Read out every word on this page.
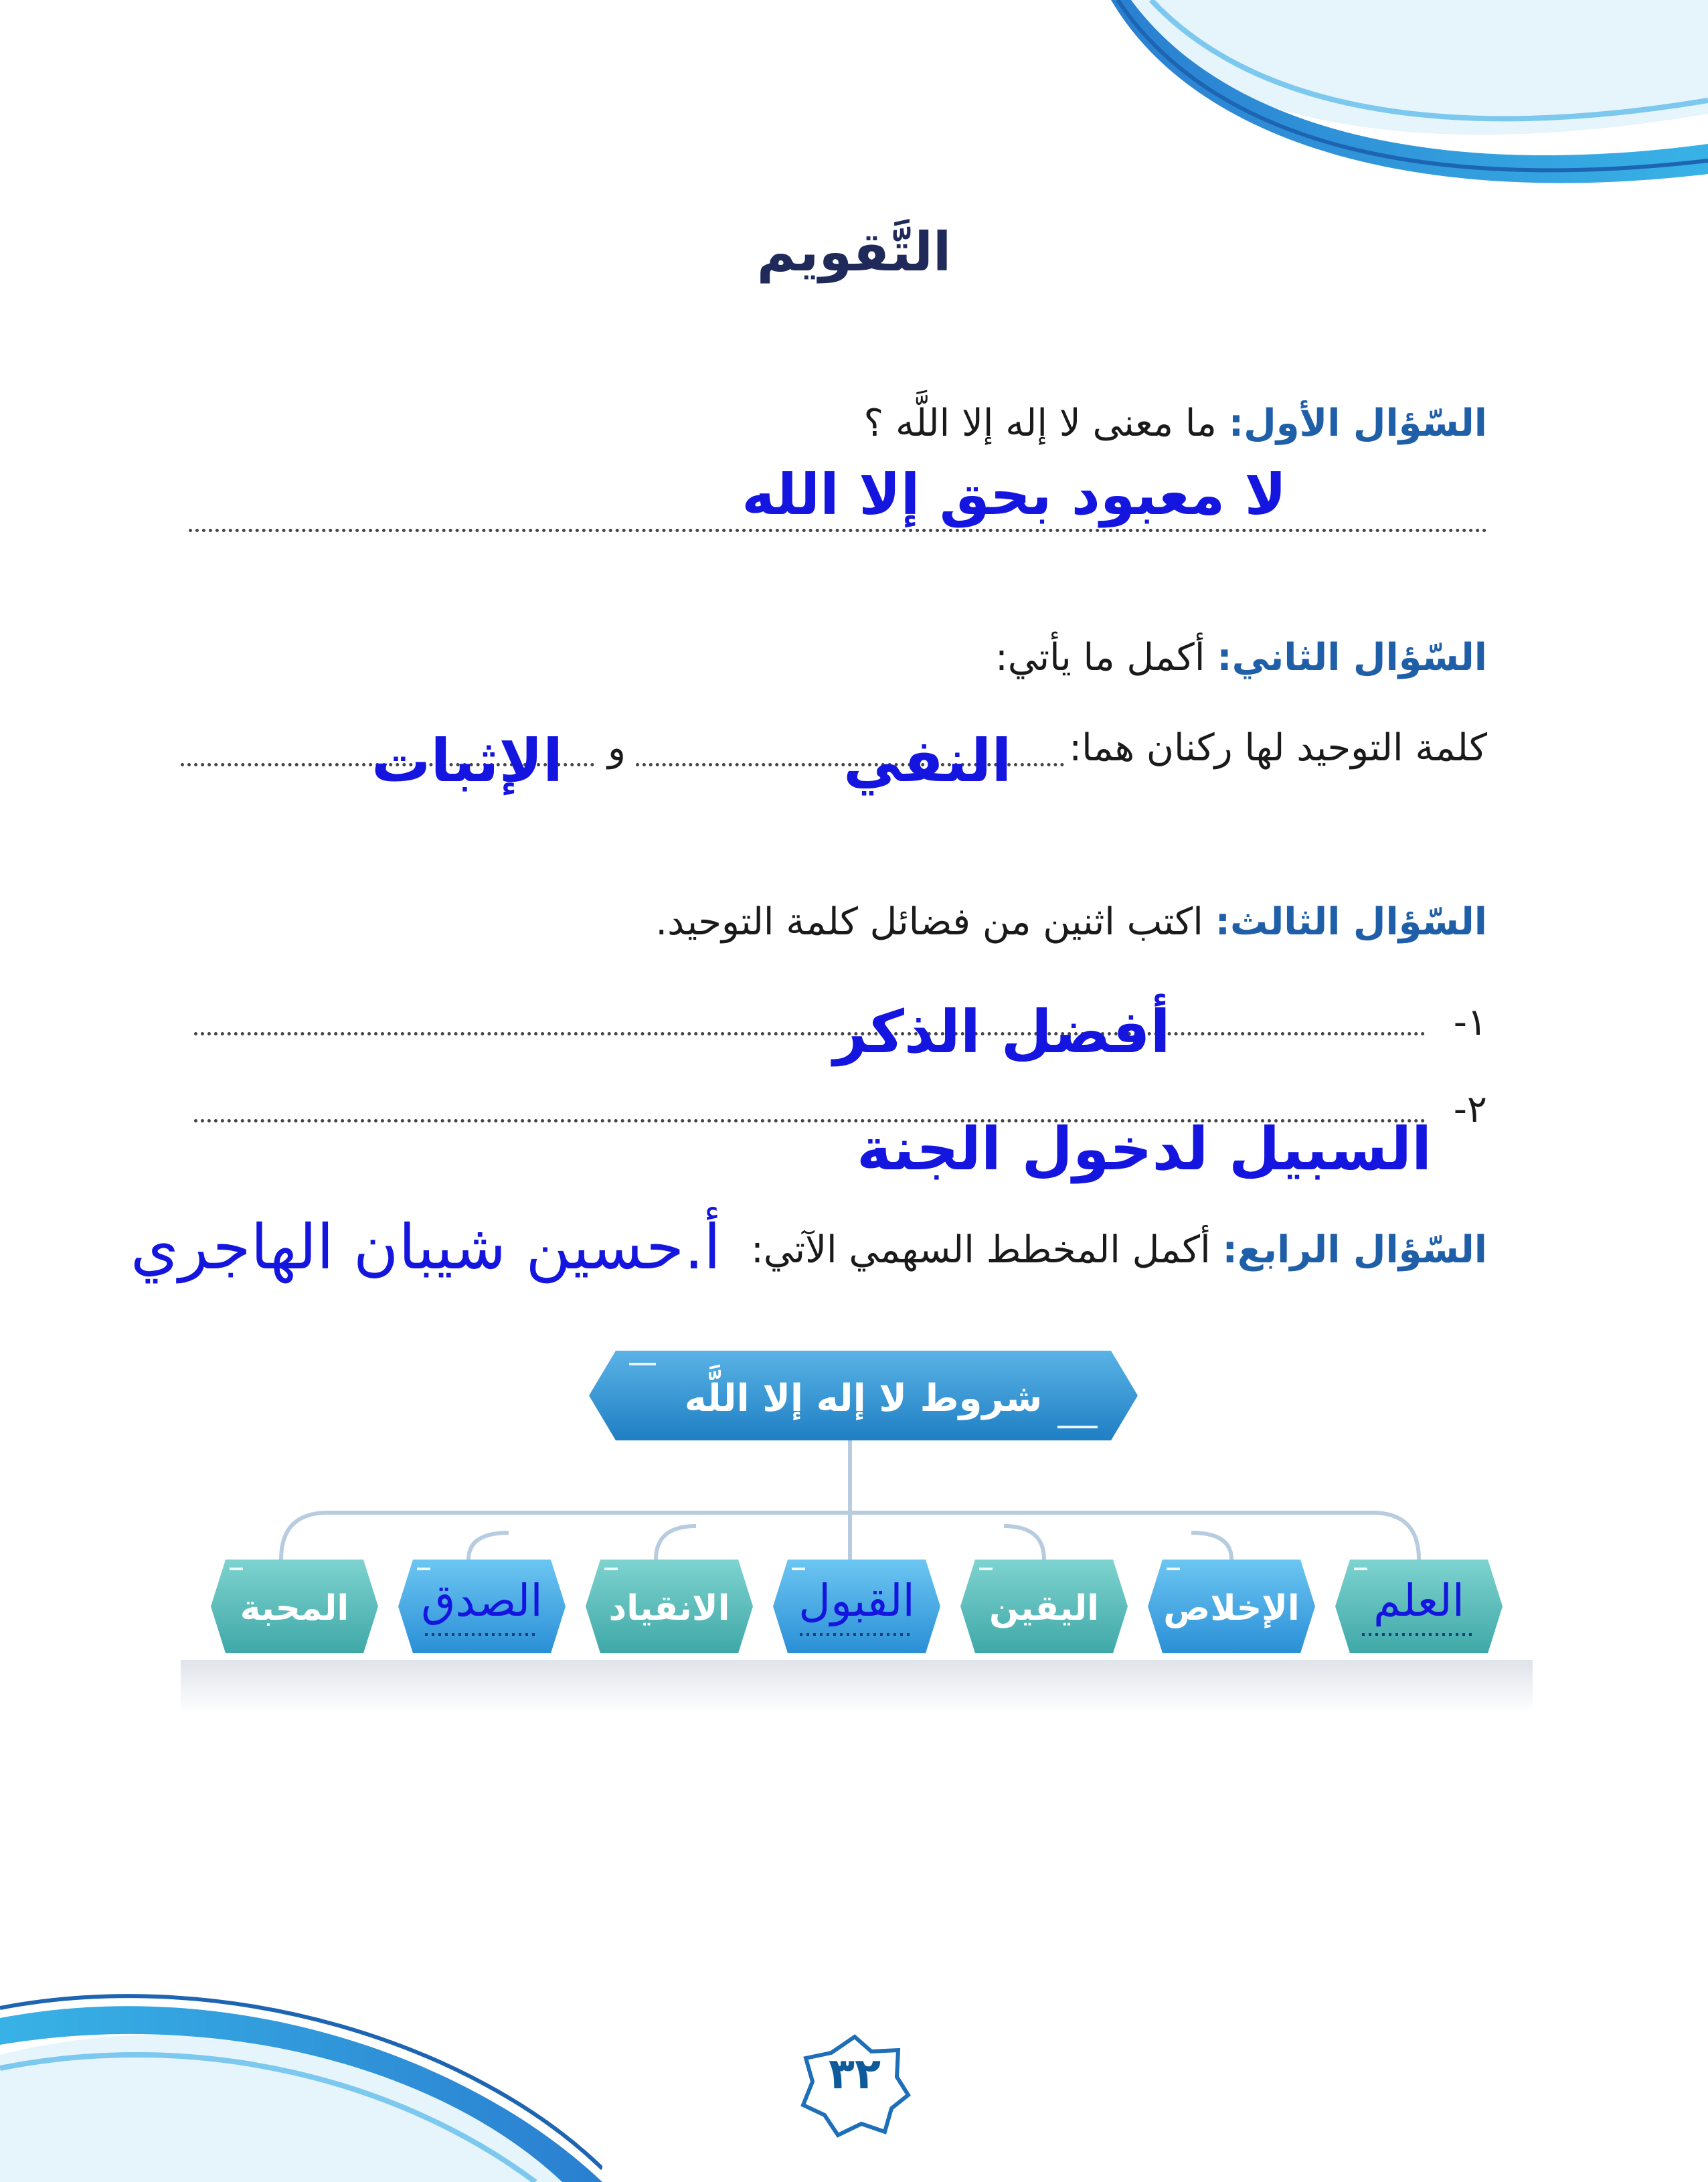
التَّقويم
السّؤال الأول: ما معنى لا إله إلا اللَّه ؟
لا معبود بحق إلا الله
السّؤال الثاني: أكمل ما يأتي:
كلمة التوحيد لها ركنان هما:
و	النفي
الإثبات
السّؤال الثالث: اكتب اثنين من فضائل كلمة التوحيد.
١-
أفضل الذكر
٢-
السبيل لدخول الجنة
السّؤال الرابع: أكمل المخطط السهمي الآتي:
أ.حسين شيبان الهاجري
شروط لا إله إلا اللَّه
العلم
الإخلاص
اليقين
القبول
الانقياد
الصدق
المحبة
٣٢
